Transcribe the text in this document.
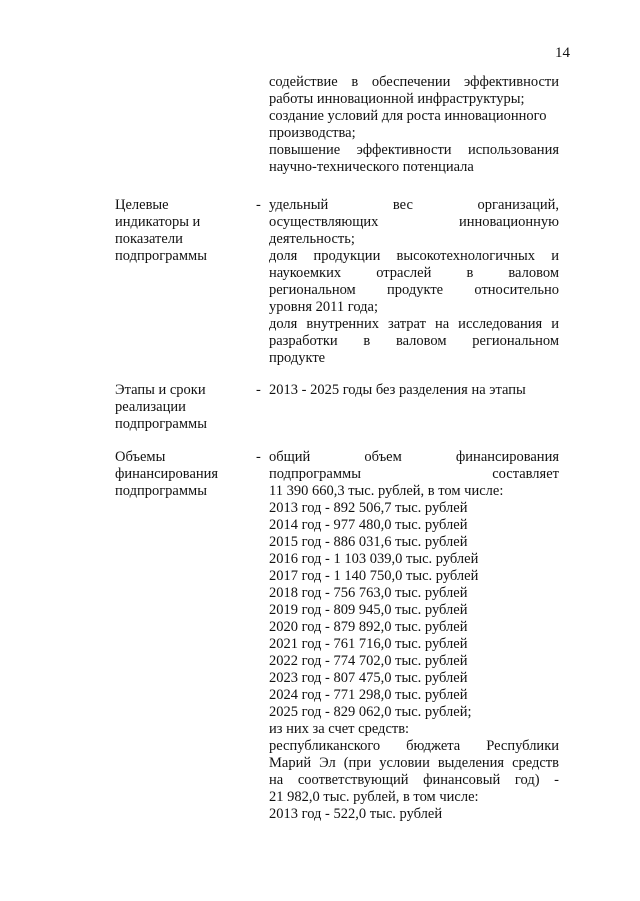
14
содействие в обеспечении эффективности
работы инновационной инфраструктуры;
создание условий для роста инновационного
производства;
повышение эффективности использования
научно-технического потенциала
Целевые
индикаторы и
показатели
подпрограммы
- удельный вес организаций,
осуществляющих инновационную
деятельность;
доля продукции высокотехнологичных и
наукоемких отраслей в валовом
региональном продукте относительно
уровня 2011 года;
доля внутренних затрат на исследования и
разработки в валовом региональном
продукте
Этапы и сроки
реализации
подпрограммы
- 2013 - 2025 годы без разделения на этапы
Объемы
финансирования
подпрограммы
- общий объем финансирования
подпрограммы составляет
11 390 660,3 тыс. рублей, в том числе:
2013 год - 892 506,7 тыс. рублей
2014 год - 977 480,0 тыс. рублей
2015 год - 886 031,6 тыс. рублей
2016 год - 1 103 039,0 тыс. рублей
2017 год - 1 140 750,0 тыс. рублей
2018 год - 756 763,0 тыс. рублей
2019 год - 809 945,0 тыс. рублей
2020 год - 879 892,0 тыс. рублей
2021 год - 761 716,0 тыс. рублей
2022 год - 774 702,0 тыс. рублей
2023 год - 807 475,0 тыс. рублей
2024 год - 771 298,0 тыс. рублей
2025 год - 829 062,0 тыс. рублей;
из них за счет средств:
республиканского бюджета Республики
Марий Эл (при условии выделения средств
на соответствующий финансовый год) -
21 982,0 тыс. рублей, в том числе:
2013 год - 522,0 тыс. рублей
